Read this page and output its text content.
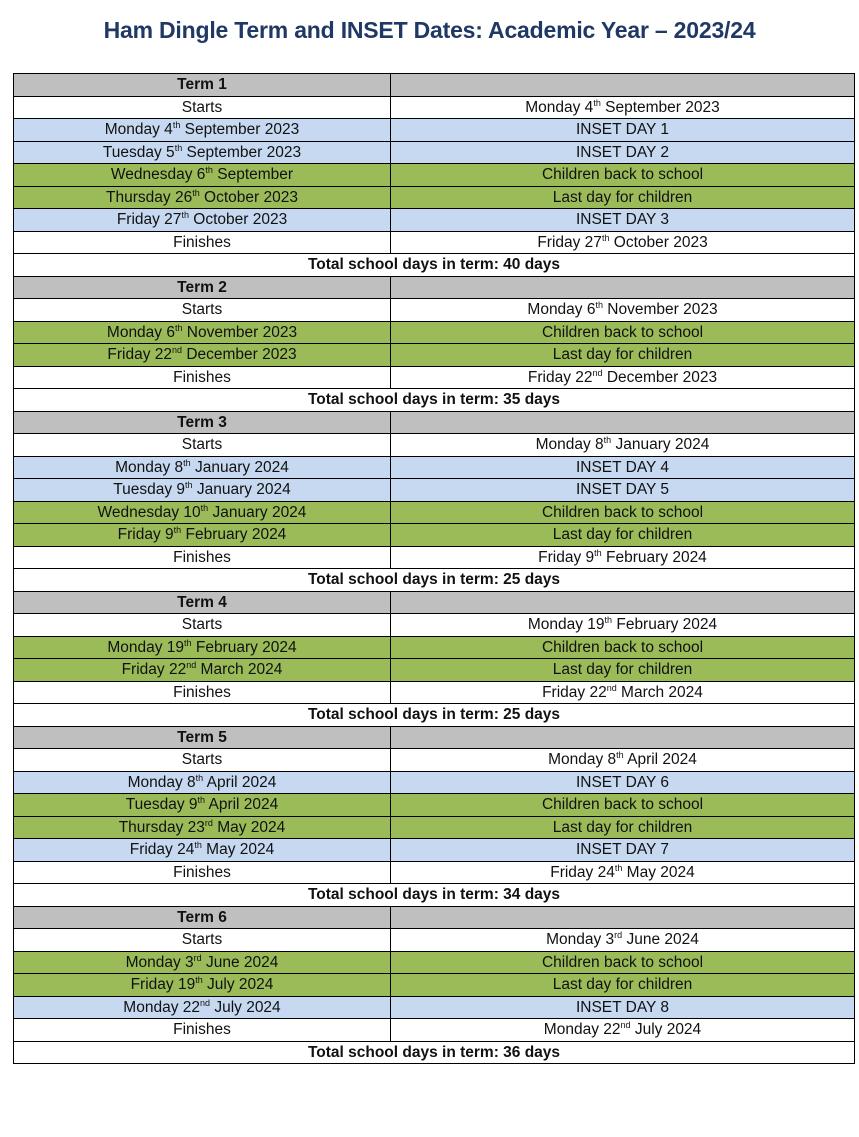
Ham Dingle Term and INSET Dates: Academic Year – 2023/24
Term 1	
Starts	Monday 4th September 2023
Monday 4th September 2023	INSET DAY 1
Tuesday 5th September 2023	INSET DAY 2
Wednesday 6th September	Children back to school
Thursday 26th October 2023	Last day for children
Friday 27th October 2023	INSET DAY 3
Finishes	Friday 27th October 2023
Total school days in term: 40 days	
Term 2	
Starts	Monday 6th November 2023
Monday 6th November 2023	Children back to school
Friday 22nd December 2023	Last day for children
Finishes	Friday 22nd December 2023
Total school days in term: 35 days	
Term 3	
Starts	Monday 8th January 2024
Monday 8th January 2024	INSET DAY 4
Tuesday 9th January 2024	INSET DAY 5
Wednesday 10th January 2024	Children back to school
Friday 9th February 2024	Last day for children
Finishes	Friday 9th February 2024
Total school days in term: 25 days	
Term 4	
Starts	Monday 19th February 2024
Monday 19th February 2024	Children back to school
Friday 22nd March 2024	Last day for children
Finishes	Friday 22nd March 2024
Total school days in term: 25 days	
Term 5	
Starts	Monday 8th April 2024
Monday 8th April 2024	INSET DAY 6
Tuesday 9th April 2024	Children back to school
Thursday 23rd May 2024	Last day for children
Friday 24th May 2024	INSET DAY 7
Finishes	Friday 24th May 2024
Total school days in term: 34 days	
Term 6	
Starts	Monday 3rd June 2024
Monday 3rd June 2024	Children back to school
Friday 19th July 2024	Last day for children
Monday 22nd July 2024	INSET DAY 8
Finishes	Monday 22nd July 2024
Total school days in term: 36 days	
